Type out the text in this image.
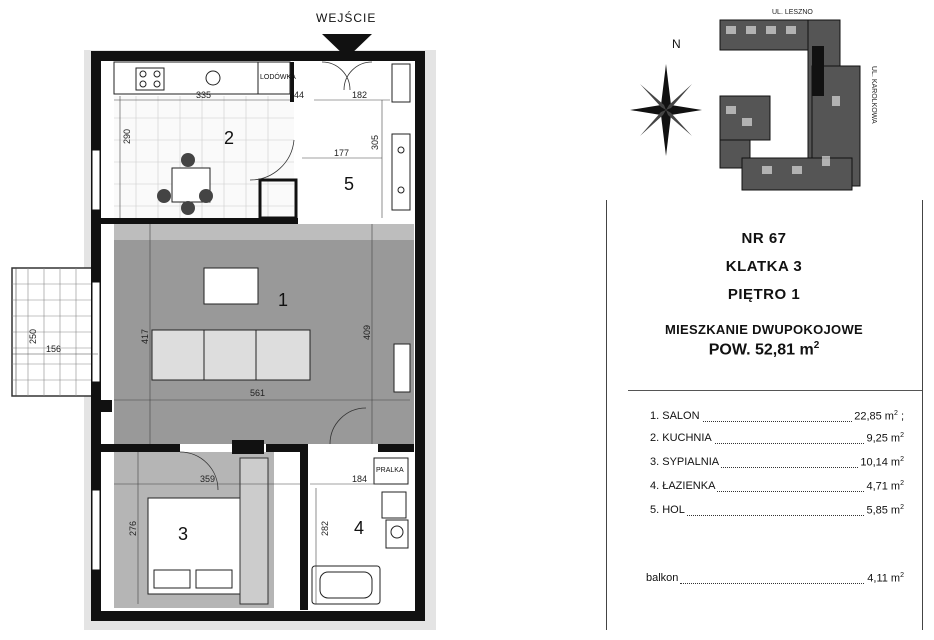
LODÓWKA
WEJŚCIE
PRALKA
335	44	182
290
177
305
417	409
561
250
156
359
276
184
282
2
1
3	4
5
N
UL. LESZNO
UL. KAROLKOWA
NR 67
KLATKA 3
PIĘTRO 1
MIESZKANIE DWUPOKOJOWE
POW. 52,81 $m^2$
1. SALON	22,85 $m^2$ ;
2. KUCHNIA	9,25 $m^2$
3. SYPIALNIA	10,14 $m^2$
4. ŁAZIENKA	4,71 $m^2$
5. HOL	5,85 $m^2$
balkon	4,11 $m^2$
